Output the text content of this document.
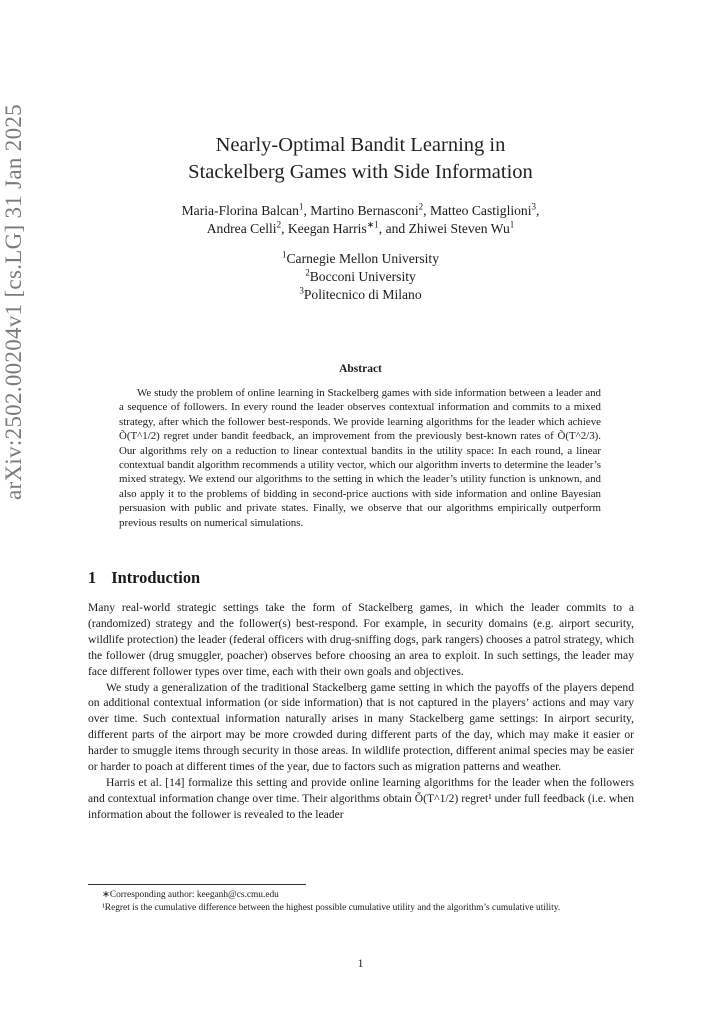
arXiv:2502.00204v1 [cs.LG] 31 Jan 2025	Nearly-Optimal Bandit Learning in
Stackelberg Games with Side Information
Maria-Florina Balcan$^1$, Martino Bernasconi$^2$, Matteo Castiglioni$^3$,
Andrea Celli$^2$, Keegan Harris$^{∗1}$, and Zhiwei Steven Wu$^1$
$^1$Carnegie Mellon University
$^2$Bocconi University
$^3$Politecnico di Milano
Abstract
We study the problem of online learning in Stackelberg games with side information between a leader and a sequence of followers. In every round the leader observes contextual information and commits to a mixed strategy, after which the follower best-responds. We provide learning algorithms for the leader which achieve Õ(T^1/2) regret under bandit feedback, an improvement from the previously best-known rates of Õ(T^2/3). Our algorithms rely on a reduction to linear contextual bandits in the utility space: In each round, a linear contextual bandit algorithm recommends a utility vector, which our algorithm inverts to determine the leader’s mixed strategy. We extend our algorithms to the setting in which the leader’s utility function is unknown, and also apply it to the problems of bidding in second-price auctions with side information and online Bayesian persuasion with public and private states. Finally, we observe that our algorithms empirically outperform previous results on numerical simulations.
1 Introduction

Many real-world strategic settings take the form of Stackelberg games, in which the leader commits to a (randomized) strategy and the follower(s) best-respond. For example, in security domains (e.g. airport security, wildlife protection) the leader (federal officers with drug-sniffing dogs, park rangers) chooses a patrol strategy, which the follower (drug smuggler, poacher) observes before choosing an area to exploit. In such settings, the leader may face different follower types over time, each with their own goals and objectives.

We study a generalization of the traditional Stackelberg game setting in which the payoffs of the players depend on additional contextual information (or side information) that is not captured in the players’ actions and may vary over time. Such contextual information naturally arises in many Stackelberg game settings: In airport security, different parts of the airport may be more crowded during different parts of the day, which may make it easier or harder to smuggle items through security in those areas. In wildlife protection, different animal species may be easier or harder to poach at different times of the year, due to factors such as migration patterns and weather.

Harris et al. [14] formalize this setting and provide online learning algorithms for the leader when the followers and contextual information change over time. Their algorithms obtain Õ(T^1/2) regret¹ under full feedback (i.e. when information about the follower is revealed to the leader

∗Corresponding author: keeganh@cs.cmu.edu

¹Regret is the cumulative difference between the highest possible cumulative utility and the algorithm’s cumulative utility.

1
